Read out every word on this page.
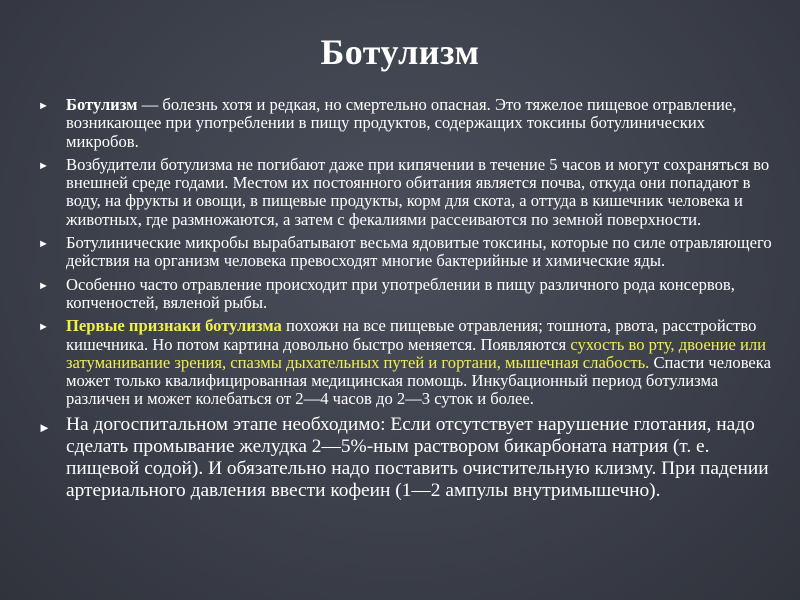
Ботулизм
► Ботулизм — болезнь хотя и редкая, но смертельно опасная. Это тяжелое пищевое отравление, возникающее при употреблении в пищу продуктов, содержащих токсины ботулинических микробов.
► Возбудители ботулизма не погибают даже при кипячении в течение 5 часов и могут сохраняться во внешней среде годами. Местом их постоянного обитания является почва, откуда они попадают в воду, на фрукты и овощи, в пищевые продукты, корм для скота, а оттуда в кишечник человека и животных, где размножаются, а затем с фекалиями рассеиваются по земной поверхности.
► Ботулинические микробы вырабатывают весьма ядовитые токсины, которые по силе отравляющего действия на организм человека превосходят многие бактерийные и химические яды.
► Особенно часто отравление происходит при употреблении в пищу различного рода консервов, копченостей, вяленой рыбы.
► Первые признаки ботулизма похожи на все пищевые отравления; тошнота, рвота, расстройство кишечника. Но потом картина довольно быстро меняется. Появляются сухость во рту, двоение или затуманивание зрения, спазмы дыхательных путей и гортани, мышечная слабость. Спасти человека может только квалифицированная медицинская помощь. Инкубационный период ботулизма различен и может колебаться от 2—4 часов до 2—3 суток и более.
► На догоспитальном этапе необходимо: Если отсутствует нарушение глотания, надо сделать промывание желудка 2—5%-ным раствором бикарбоната натрия (т. е. пищевой содой). И обязательно надо поставить очистительную клизму. При падении артериального давления ввести кофеин (1—2 ампулы внутримышечно).
